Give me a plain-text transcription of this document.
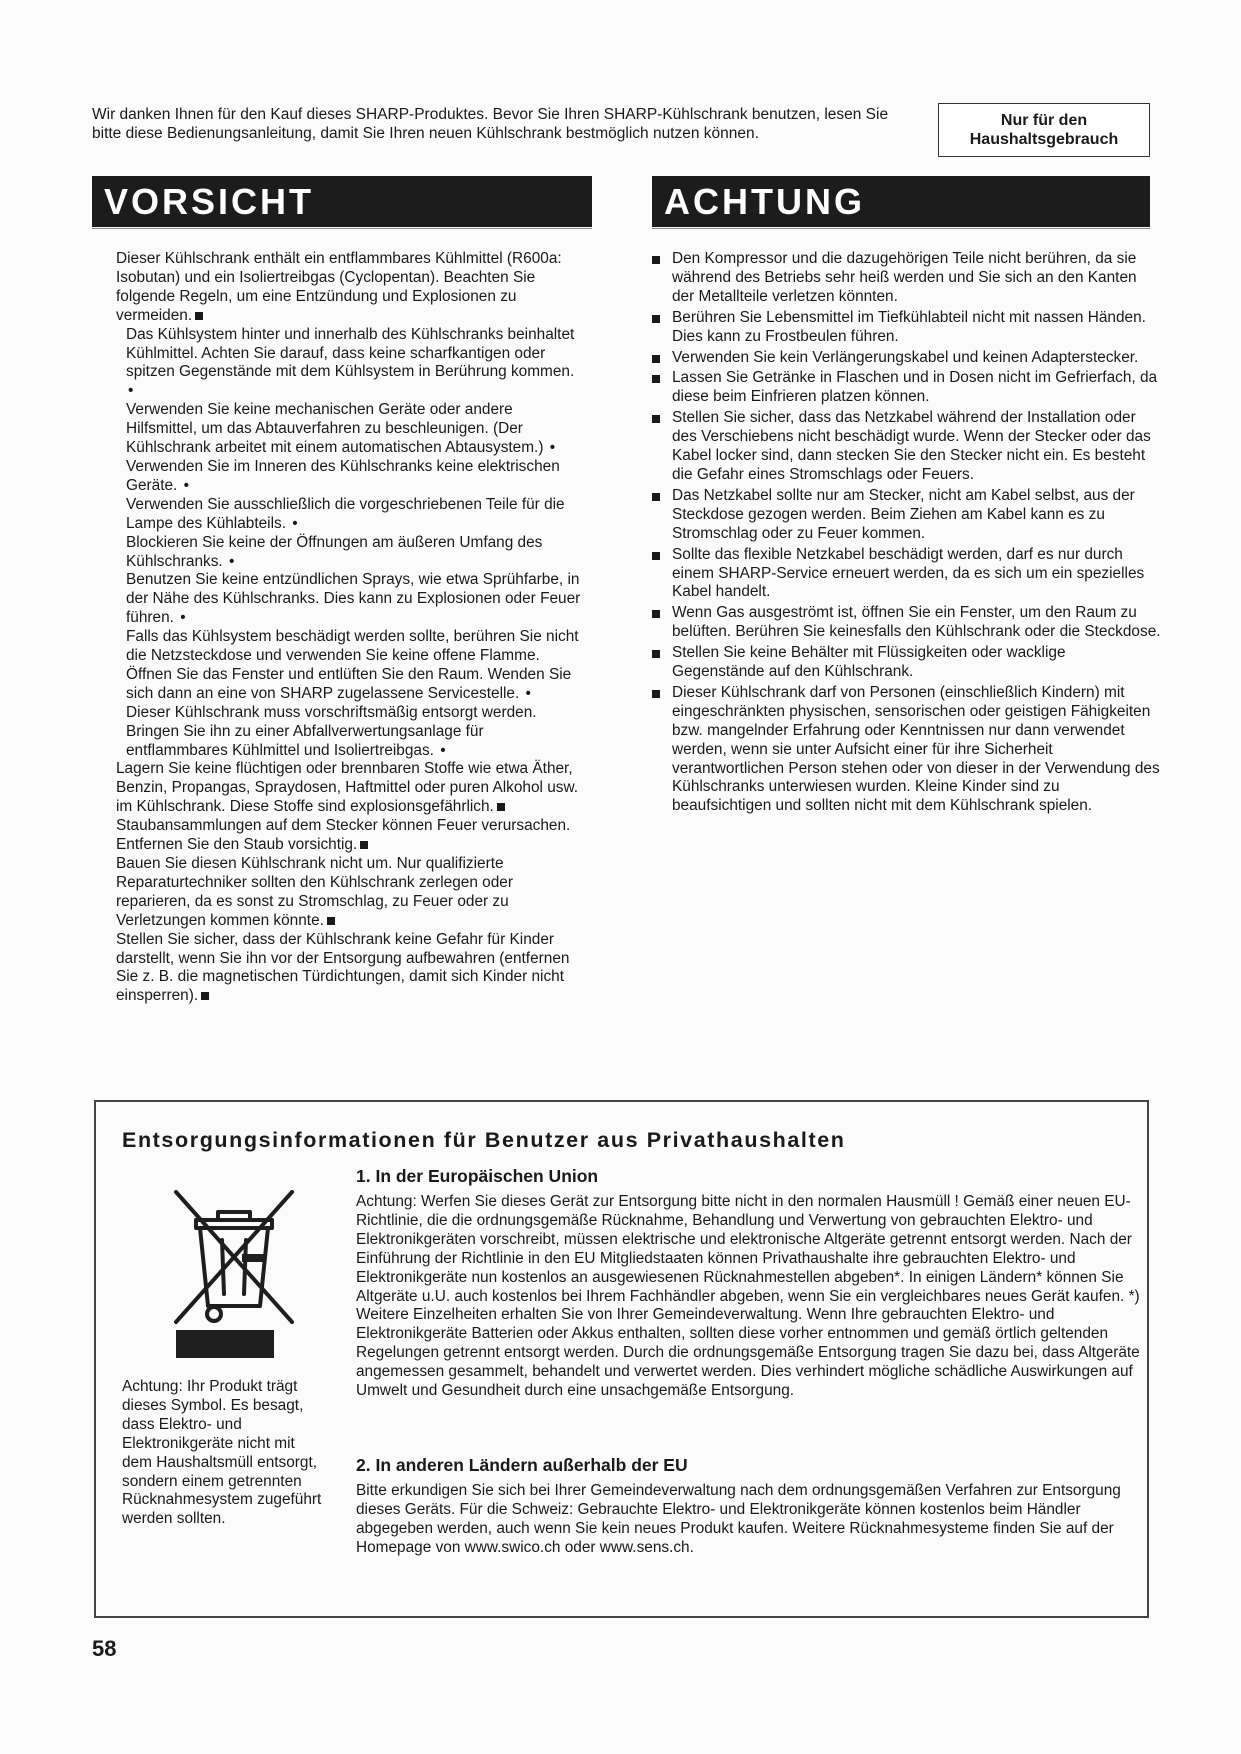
Wir danken Ihnen für den Kauf dieses SHARP-Produktes. Bevor Sie Ihren SHARP-Kühlschrank benutzen, lesen Sie bitte diese Bedienungsanleitung, damit Sie Ihren neuen Kühlschrank bestmöglich nutzen können.
Nur für den
Haushaltsgebrauch
VORSICHT

Dieser Kühlschrank enthält ein entflammbares Kühlmittel (R600a: Isobutan) und ein Isoliertreibgas (Cyclopentan). Beachten Sie folgende Regeln, um eine Entzündung und Explosionen zu vermeiden.

Das Kühlsystem hinter und innerhalb des Kühlschranks beinhaltet Kühlmittel. Achten Sie darauf, dass keine scharfkantigen oder spitzen Gegenstände mit dem Kühlsystem in Berührung kommen. •

Verwenden Sie keine mechanischen Geräte oder andere Hilfsmittel, um das Abtauverfahren zu beschleunigen. (Der Kühlschrank arbeitet mit einem automatischen Abtausystem.) •

Verwenden Sie im Inneren des Kühlschranks keine elektrischen Geräte. •

Verwenden Sie ausschließlich die vorgeschriebenen Teile für die Lampe des Kühlabteils. •

Blockieren Sie keine der Öffnungen am äußeren Umfang des Kühlschranks. •

Benutzen Sie keine entzündlichen Sprays, wie etwa Sprühfarbe, in der Nähe des Kühlschranks. Dies kann zu Explosionen oder Feuer führen. •

Falls das Kühlsystem beschädigt werden sollte, berühren Sie nicht die Netzsteckdose und verwenden Sie keine offene Flamme. Öffnen Sie das Fenster und entlüften Sie den Raum. Wenden Sie sich dann an eine von SHARP zugelassene Servicestelle. •

Dieser Kühlschrank muss vorschriftsmäßig entsorgt werden. Bringen Sie ihn zu einer Abfallverwertungsanlage für entflammbares Kühlmittel und Isoliertreibgas. •

Lagern Sie keine flüchtigen oder brennbaren Stoffe wie etwa Äther, Benzin, Propangas, Spraydosen, Haftmittel oder puren Alkohol usw. im Kühlschrank. Diese Stoffe sind explosionsgefährlich.

Staubansammlungen auf dem Stecker können Feuer verursachen. Entfernen Sie den Staub vorsichtig.

Bauen Sie diesen Kühlschrank nicht um. Nur qualifizierte Reparaturtechniker sollten den Kühlschrank zerlegen oder reparieren, da es sonst zu Stromschlag, zu Feuer oder zu Verletzungen kommen könnte.

Stellen Sie sicher, dass der Kühlschrank keine Gefahr für Kinder darstellt, wenn Sie ihn vor der Entsorgung aufbewahren (entfernen Sie z. B. die magnetischen Türdichtungen, damit sich Kinder nicht einsperren).

ACHTUNG
Den Kompressor und die dazugehörigen Teile nicht berühren, da sie während des Betriebs sehr heiß werden und Sie sich an den Kanten der Metallteile verletzen könnten.
Berühren Sie Lebensmittel im Tiefkühlabteil nicht mit nassen Händen. Dies kann zu Frostbeulen führen.
Verwenden Sie kein Verlängerungskabel und keinen Adapterstecker.
Lassen Sie Getränke in Flaschen und in Dosen nicht im Gefrierfach, da diese beim Einfrieren platzen können.
Stellen Sie sicher, dass das Netzkabel während der Installation oder des Verschiebens nicht beschädigt wurde. Wenn der Stecker oder das Kabel locker sind, dann stecken Sie den Stecker nicht ein. Es besteht die Gefahr eines Stromschlags oder Feuers.
Das Netzkabel sollte nur am Stecker, nicht am Kabel selbst, aus der Steckdose gezogen werden. Beim Ziehen am Kabel kann es zu Stromschlag oder zu Feuer kommen.
Sollte das flexible Netzkabel beschädigt werden, darf es nur durch einem SHARP-Service erneuert werden, da es sich um ein spezielles Kabel handelt.
Wenn Gas ausgeströmt ist, öffnen Sie ein Fenster, um den Raum zu belüften. Berühren Sie keinesfalls den Kühlschrank oder die Steckdose.
Stellen Sie keine Behälter mit Flüssigkeiten oder wacklige Gegenstände auf den Kühlschrank.
Dieser Kühlschrank darf von Personen (einschließlich Kindern) mit eingeschränkten physischen, sensorischen oder geistigen Fähigkeiten bzw. mangelnder Erfahrung oder Kenntnissen nur dann verwendet werden, wenn sie unter Aufsicht einer für ihre Sicherheit verantwortlichen Person stehen oder von dieser in der Verwendung des Kühlschranks unterwiesen wurden. Kleine Kinder sind zu beaufsichtigen und sollten nicht mit dem Kühlschrank spielen.
Entsorgungsinformationen für Benutzer aus Privathaushalten
Achtung: Ihr Produkt trägt dieses Symbol. Es besagt, dass Elektro- und Elektronikgeräte nicht mit dem Haushaltsmüll entsorgt, sondern einem getrennten Rücknahmesystem zugeführt werden sollten.
1. In der Europäischen Union
Achtung: Werfen Sie dieses Gerät zur Entsorgung bitte nicht in den normalen Hausmüll ! Gemäß einer neuen EU-Richtlinie, die die ordnungsgemäße Rücknahme, Behandlung und Verwertung von gebrauchten Elektro- und Elektronikgeräten vorschreibt, müssen elektrische und elektronische Altgeräte getrennt entsorgt werden. Nach der Einführung der Richtlinie in den EU Mitgliedstaaten können Privathaushalte ihre gebrauchten Elektro- und Elektronikgeräte nun kostenlos an ausgewiesenen Rücknahmestellen abgeben*. In einigen Ländern* können Sie Altgeräte u.U. auch kostenlos bei Ihrem Fachhändler abgeben, wenn Sie ein vergleichbares neues Gerät kaufen. *) Weitere Einzelheiten erhalten Sie von Ihrer Gemeindeverwaltung. Wenn Ihre gebrauchten Elektro- und Elektronikgeräte Batterien oder Akkus enthalten, sollten diese vorher entnommen und gemäß örtlich geltenden Regelungen getrennt entsorgt werden. Durch die ordnungsgemäße Entsorgung tragen Sie dazu bei, dass Altgeräte angemessen gesammelt, behandelt und verwertet werden. Dies verhindert mögliche schädliche Auswirkungen auf Umwelt und Gesundheit durch eine unsachgemäße Entsorgung.
2. In anderen Ländern außerhalb der EU
Bitte erkundigen Sie sich bei Ihrer Gemeindeverwaltung nach dem ordnungsgemäßen Verfahren zur Entsorgung dieses Geräts. Für die Schweiz: Gebrauchte Elektro- und Elektronikgeräte können kostenlos beim Händler abgegeben werden, auch wenn Sie kein neues Produkt kaufen. Weitere Rücknahmesysteme finden Sie auf der Homepage von www.swico.ch oder www.sens.ch.
58
